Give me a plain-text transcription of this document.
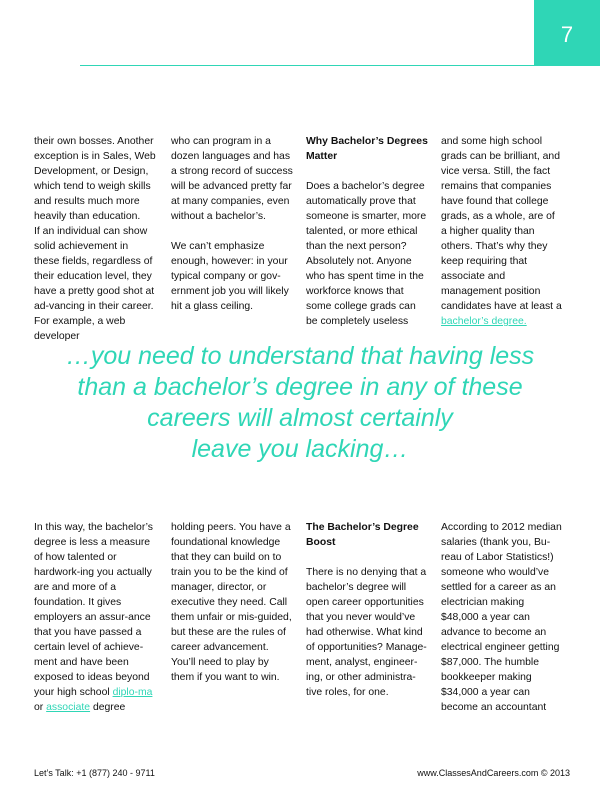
7

their own bosses. Another exception is in Sales, Web Development, or Design, which tend to weigh skills and results much more heavily than education.

If an individual can show solid achievement in these fields, regardless of their education level, they have a pretty good shot at ad-vancing in their career. For example, a web developer

who can program in a dozen languages and has a strong record of success will be advanced pretty far at many companies, even without a bachelor’s.

We can’t emphasize enough, however: in your typical company or gov-ernment job you will likely hit a glass ceiling.

Why Bachelor’s Degrees Matter

Does a bachelor’s degree automatically prove that someone is smarter, more talented, or more ethical than the next person? Absolutely not. Anyone who has spent time in the workforce knows that some college grads can be completely useless

and some high school grads can be brilliant, and vice versa. Still, the fact remains that companies have found that college grads, as a whole, are of a higher quality than others. That’s why they keep requiring that associate and management position candidates have at least a bachelor’s degree.

…you need to understand that having less
than a bachelor’s degree in any of these
careers will almost certainly
leave you lacking…

In this way, the bachelor’s degree is less a measure of how talented or hardwork-ing you actually are and more of a foundation. It gives employers an assur-ance that you have passed a certain level of achieve-ment and have been exposed to ideas beyond your high school diplo-ma or associate degree

holding peers. You have a foundational knowledge that they can build on to train you to be the kind of manager, director, or executive they need. Call them unfair or mis-guided, but these are the rules of career advancement. You’ll need to play by them if you want to win.

The Bachelor’s Degree Boost

There is no denying that a bachelor’s degree will open career opportunities that you never would’ve had otherwise. What kind of opportunities? Manage-ment, analyst, engineer-ing, or other administra-tive roles, for one.

According to 2012 median salaries (thank you, Bu-reau of Labor Statistics!) someone who would’ve settled for a career as an electrician making $48,000 a year can advance to become an electrical engineer getting $87,000. The humble bookkeeper making $34,000 a year can become an accountant

Let’s Talk: +1 (877) 240 - 9711	www.ClassesAndCareers.com © 2013
